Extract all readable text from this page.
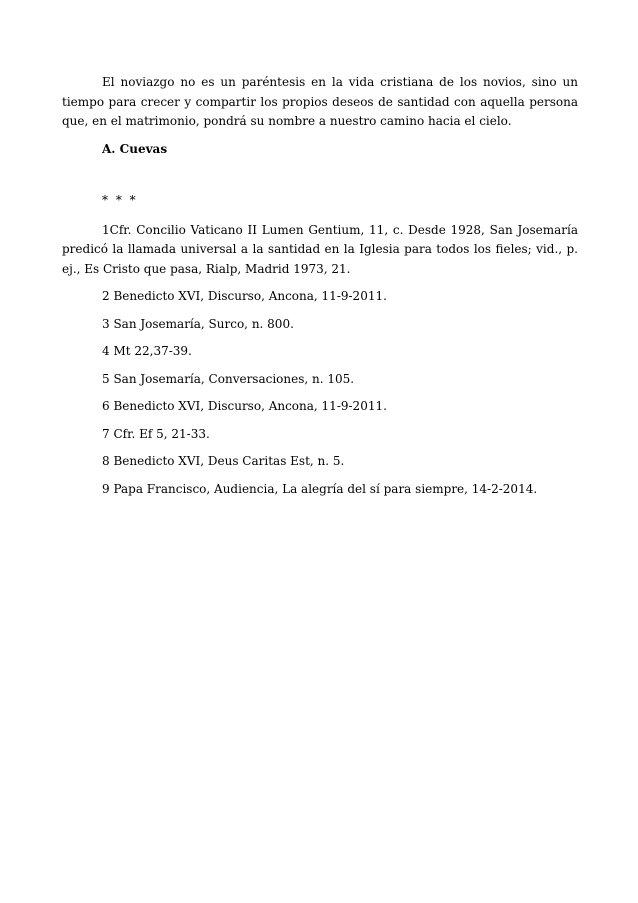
El noviazgo no es un paréntesis en la vida cristiana de los novios, sino un tiempo para crecer y compartir los propios deseos de santidad con aquella persona que, en el matrimonio, pondrá su nombre a nuestro camino hacia el cielo.

A. Cuevas

* * *

1Cfr. Concilio Vaticano II Lumen Gentium, 11, c. Desde 1928, San Josemaría predicó la llamada universal a la santidad en la Iglesia para todos los fieles; vid., p. ej., Es Cristo que pasa, Rialp, Madrid 1973, 21.

2 Benedicto XVI, Discurso, Ancona, 11-9-2011.
3 San Josemaría, Surco, n. 800.
4 Mt 22,37-39.
5 San Josemaría, Conversaciones, n. 105.
6 Benedicto XVI, Discurso, Ancona, 11-9-2011.
7 Cfr. Ef 5, 21-33.
8 Benedicto XVI, Deus Caritas Est, n. 5.
9 Papa Francisco, Audiencia, La alegría del sí para siempre, 14-2-2014.
